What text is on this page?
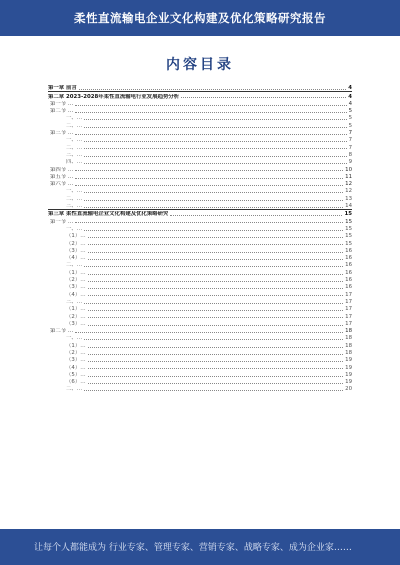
柔性直流输电企业文化构建及优化策略研究报告
内容目录
第一章 前言	4
第二章 2023-2028年柔性直流输电行业发展趋势分析	4
第一节 …	4
第二节 …	5
一、…	5
二、…	5
第三节 …	7
一、…	7
二、…	7
三、…	8
四、…	9
第四节 …	10
第五节 …	11
第六节 …	12
一、…	12
二、…	13
三、…	14
第三章 柔性直流输电企业文化构建及优化策略研究	15
第一节 …	15
一、…	15
（1）…	15
（2）…	15
（3）…	16
（4）…	16
二、…	16
（1）…	16
（2）…	16
（3）…	16
（4）…	17
三、…	17
（1）…	17
（2）…	17
（3）…	17
第二节 …	18
一、…	18
（1）…	18
（2）…	18
（3）…	19
（4）…	19
（5）…	19
（6）…	19
二、…	20
让每个人都能成为 行业专家、管理专家、营销专家、战略专家、成为企业家……
